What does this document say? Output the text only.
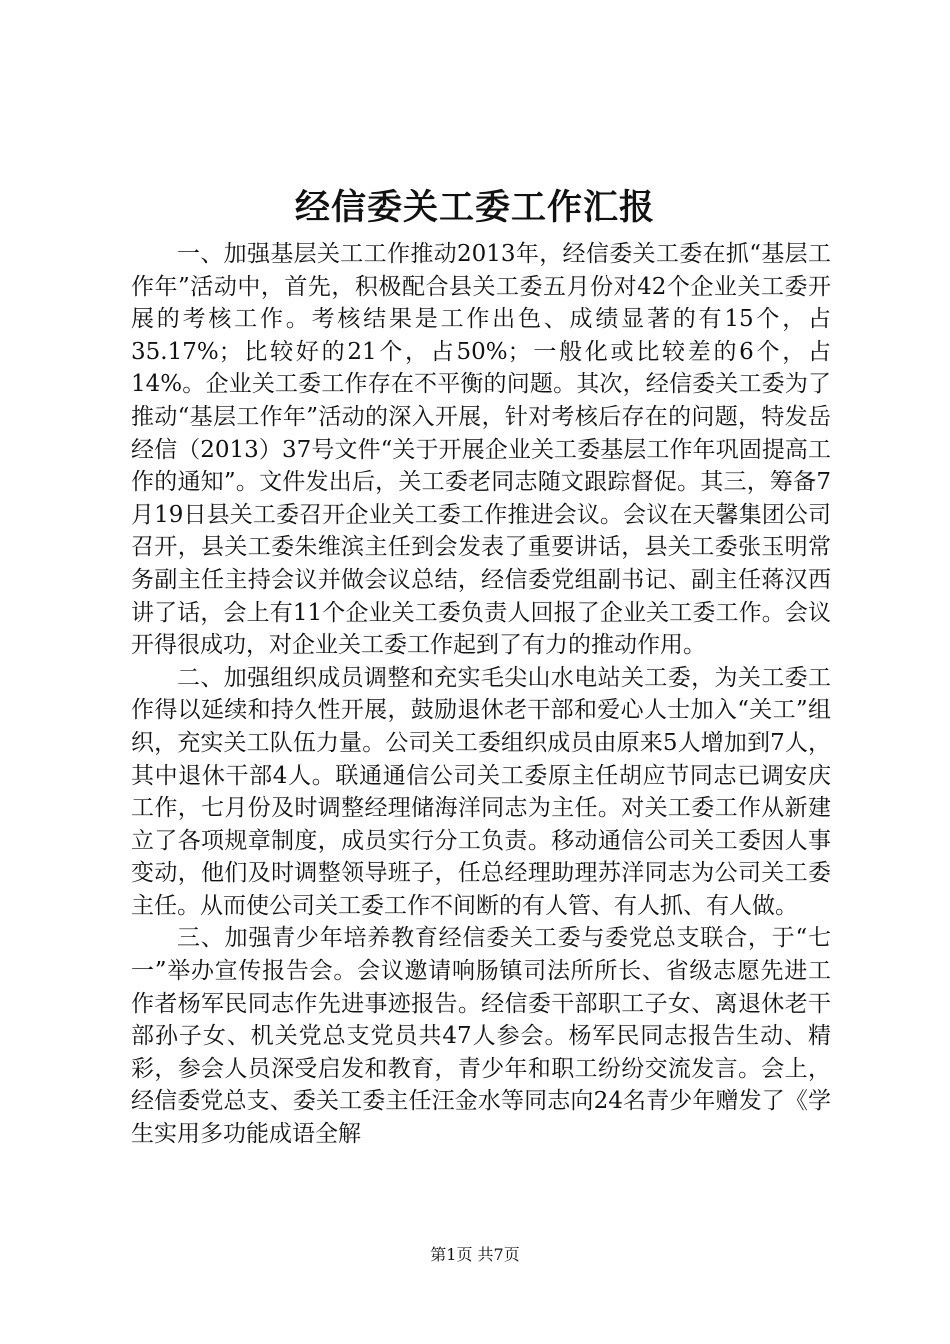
经信委关工委工作汇报

一、加强基层关工工作推动2013年，经信委关工委在抓“基层工作年”活动中，首先，积极配合县关工委五月份对42个企业关工委开展的考核工作。考核结果是工作出色、成绩显著的有15个，占35.17%；比较好的21个，占50%；一般化或比较差的6个，占14%。企业关工委工作存在不平衡的问题。其次，经信委关工委为了推动“基层工作年”活动的深入开展，针对考核后存在的问题，特发岳经信（2013）37号文件“关于开展企业关工委基层工作年巩固提高工作的通知”。文件发出后，关工委老同志随文跟踪督促。其三，筹备7月19日县关工委召开企业关工委工作推进会议。会议在天馨集团公司召开，县关工委朱维滨主任到会发表了重要讲话，县关工委张玉明常务副主任主持会议并做会议总结，经信委党组副书记、副主任蒋汉西讲了话，会上有11个企业关工委负责人回报了企业关工委工作。会议开得很成功，对企业关工委工作起到了有力的推动作用。

二、加强组织成员调整和充实毛尖山水电站关工委，为关工委工作得以延续和持久性开展，鼓励退休老干部和爱心人士加入“关工”组织，充实关工队伍力量。公司关工委组织成员由原来5人增加到7人，其中退休干部4人。联通通信公司关工委原主任胡应节同志已调安庆工作，七月份及时调整经理储海洋同志为主任。对关工委工作从新建立了各项规章制度，成员实行分工负责。移动通信公司关工委因人事变动，他们及时调整领导班子，任总经理助理苏洋同志为公司关工委主任。从而使公司关工委工作不间断的有人管、有人抓、有人做。

三、加强青少年培养教育经信委关工委与委党总支联合，于“七一”举办宣传报告会。会议邀请响肠镇司法所所长、省级志愿先进工作者杨军民同志作先进事迹报告。经信委干部职工子女、离退休老干部孙子女、机关党总支党员共47人参会。杨军民同志报告生动、精彩，参会人员深受启发和教育，青少年和职工纷纷交流发言。会上，经信委党总支、委关工委主任汪金水等同志向24名青少年赠发了《学生实用多功能成语全解

第1页 共7页
